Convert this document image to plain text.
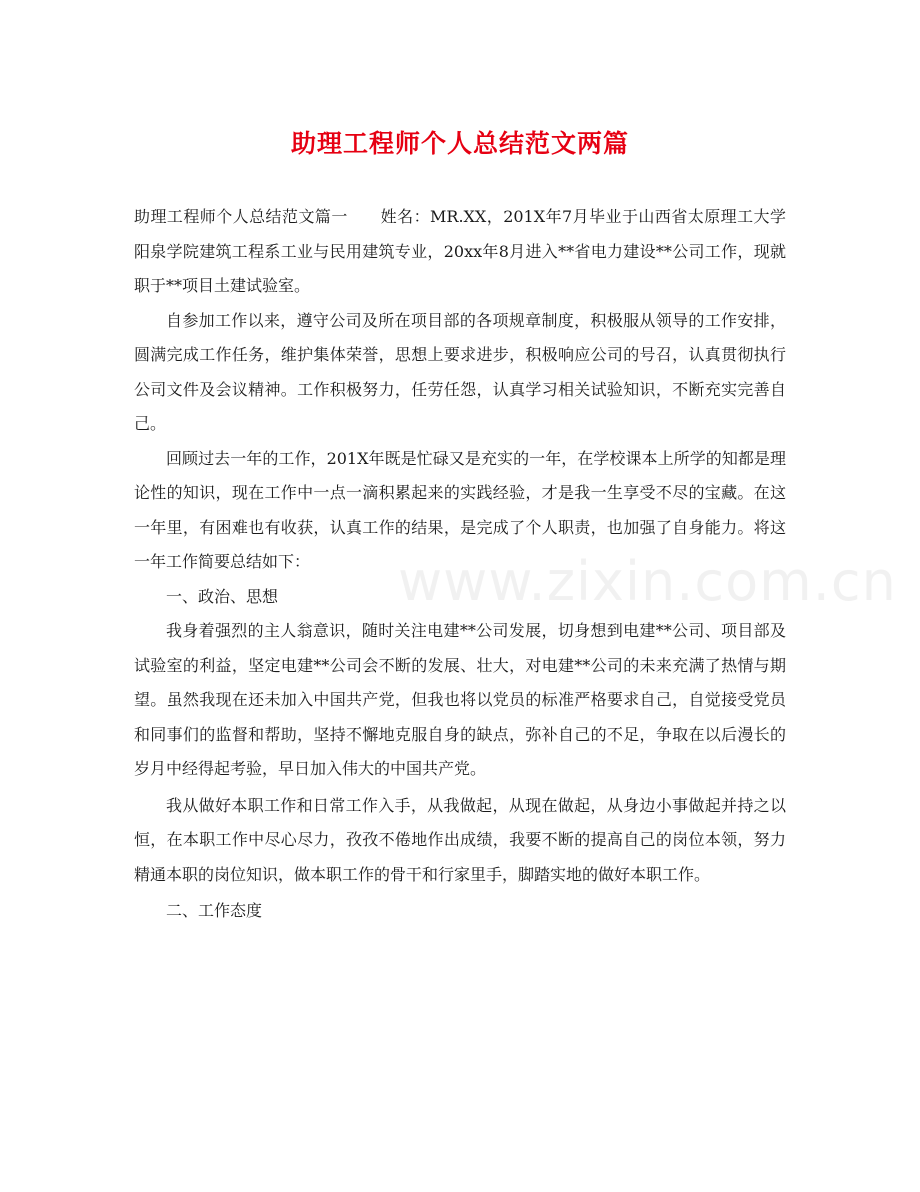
助理工程师个人总结范文两篇

助理工程师个人总结范文篇一　　姓名：MR.XX，201X年7月毕业于山西省太原理工大学阳泉学院建筑工程系工业与民用建筑专业，20xx年8月进入**省电力建设**公司工作，现就职于**项目土建试验室。

自参加工作以来，遵守公司及所在项目部的各项规章制度，积极服从领导的工作安排，圆满完成工作任务，维护集体荣誉，思想上要求进步，积极响应公司的号召，认真贯彻执行公司文件及会议精神。工作积极努力，任劳任怨，认真学习相关试验知识，不断充实完善自己。

回顾过去一年的工作，201X年既是忙碌又是充实的一年，在学校课本上所学的知都是理论性的知识，现在工作中一点一滴积累起来的实践经验，才是我一生享受不尽的宝藏。在这一年里，有困难也有收获，认真工作的结果，是完成了个人职责，也加强了自身能力。将这一年工作简要总结如下：

一、政治、思想

我身着强烈的主人翁意识，随时关注电建**公司发展，切身想到电建**公司、项目部及试验室的利益，坚定电建**公司会不断的发展、壮大，对电建**公司的未来充满了热情与期望。虽然我现在还未加入中国共产党，但我也将以党员的标准严格要求自己，自觉接受党员和同事们的监督和帮助，坚持不懈地克服自身的缺点，弥补自己的不足，争取在以后漫长的岁月中经得起考验，早日加入伟大的中国共产党。

我从做好本职工作和日常工作入手，从我做起，从现在做起，从身边小事做起并持之以恒，在本职工作中尽心尽力，孜孜不倦地作出成绩，我要不断的提高自己的岗位本领，努力精通本职的岗位知识，做本职工作的骨干和行家里手，脚踏实地的做好本职工作。

二、工作态度

www.zixin.com.cn
